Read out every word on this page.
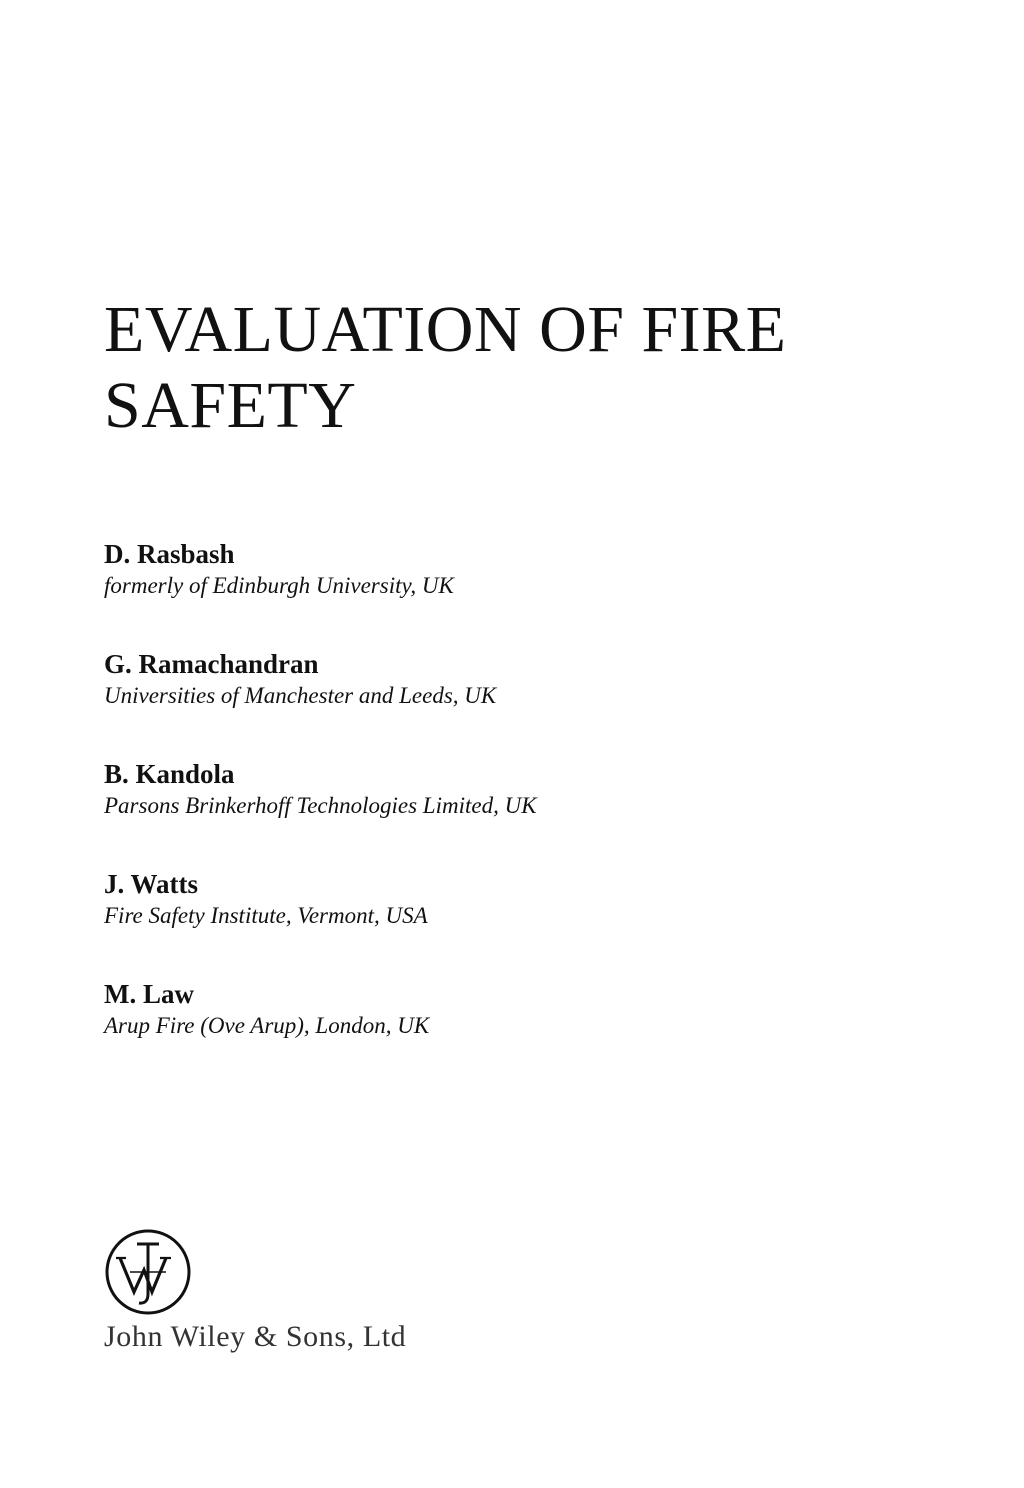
EVALUATION OF FIRE
SAFETY
D. Rasbash
formerly of Edinburgh University, UK
G. Ramachandran
Universities of Manchester and Leeds, UK
B. Kandola
Parsons Brinkerhoff Technologies Limited, UK
J. Watts
Fire Safety Institute, Vermont, USA
M. Law
Arup Fire (Ove Arup), London, UK
John Wiley & Sons, Ltd
